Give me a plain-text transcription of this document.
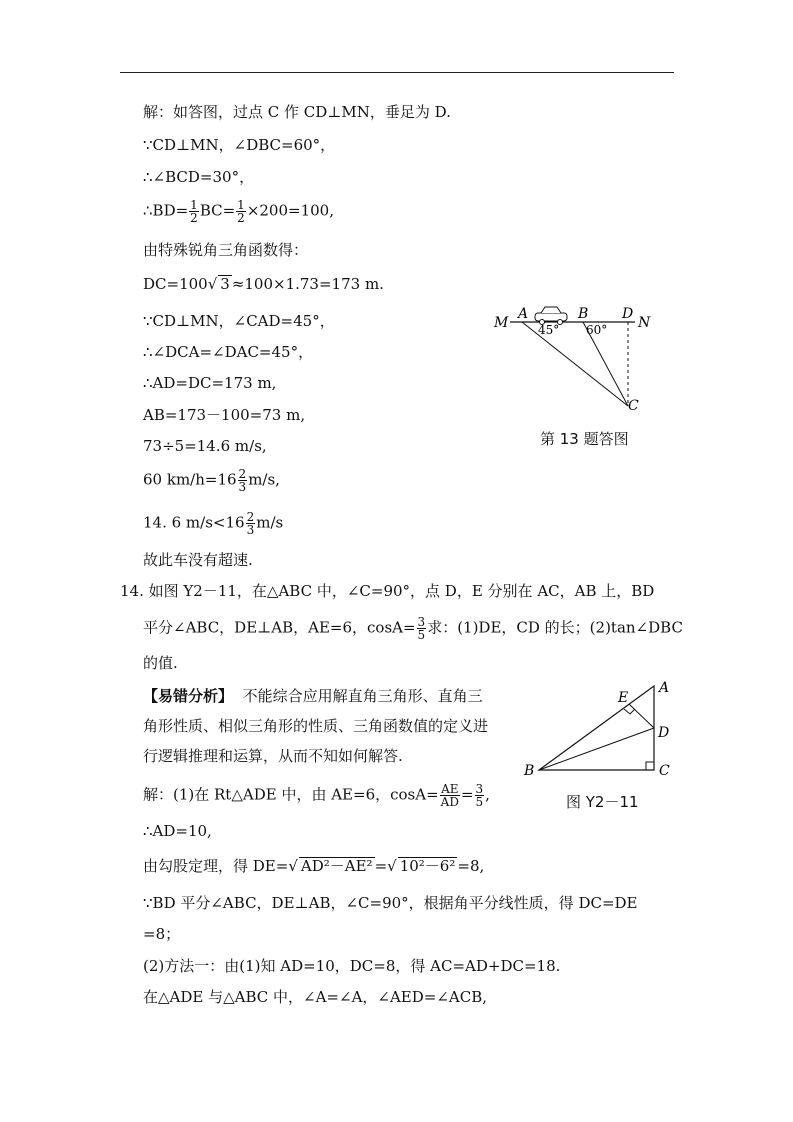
解：如答图，过点 C 作 CD⊥MN，垂足为 D.
∵CD⊥MN，∠DBC=60°，
∴∠BCD=30°，
∴BD= $\frac{1}{2} BC= \frac{1}{2} \times 200=100$,
由特殊锐角三角函数得：
DC=100√ 3 ≈100×1.73=173 m.
∵CD⊥MN，∠CAD=45°，
∴∠DCA=∠DAC=45°，
∴AD=DC=173 m,
AB=173－100=73 m,
73÷5=14.6 m/s,
60 $km/h=16 \frac{2}{3} m/s$,
14. 6 $m/s<16 \frac{2}{3} m/s$
故此车没有超速.
M
A	B D
N
C
45° 60°
第 13 题答图
14. 如图 Y2－11，在△ABC 中，∠C=90°，点 D，E 分别在 AC，AB 上，BD
平分∠ABC，DE⊥AB，AE=6，$\cos A= \frac{3}{5}$ 求：(1)DE，CD 的长；(2)tan∠DBC
的值.
【易错分析】 不能综合应用解直角三角形、直角三
角形性质、相似三角形的性质、三角函数值的定义进
行逻辑推理和运算，从而不知如何解答.
解：(1)在 Rt△ADE 中，由 AE=6，$\cos A= \frac{AE}{AD} = \frac{3}{5}$ ,
∴AD=10,
由勾股定理，得 DE=√ AD²－AE² =√ 10²－6² =8,
∵BD 平分∠ABC，DE⊥AB，∠C=90°，根据角平分线性质，得 DC=DE
=8；
(2)方法一：由(1)知 AD=10，DC=8，得 AC=AD+DC=18.
在△ADE 与△ABC 中，∠A=∠A，∠AED=∠ACB,
A
B	C
D
E
图 Y2－11
